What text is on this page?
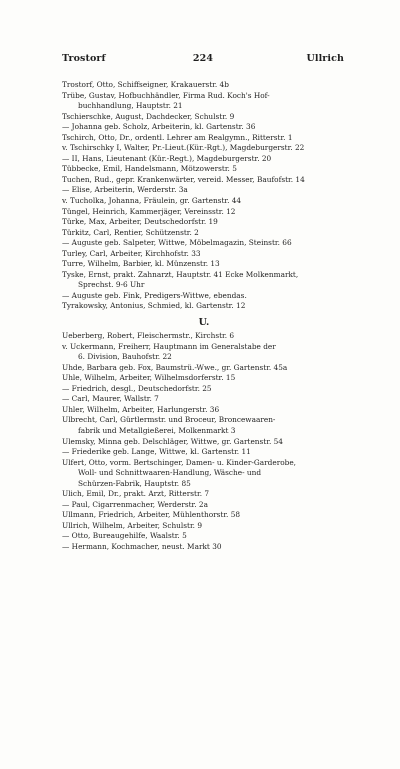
Trostorf	224	Ullrich
Trostorf, Otto, Schiffseigner, Krakauerstr. 4b
Trübe, Gustav, Hofbuchhändler, Firma Rud. Koch's Hof-
buchhandlung, Hauptstr. 21
Tschierschke, August, Dachdecker, Schulstr. 9
— Johanna geb. Scholz, Arbeiterin, kl. Gartenstr. 36
Tschirch, Otto, Dr., ordentl. Lehrer am Realgymn., Ritterstr. 1
v. Tschirschky I, Walter, Pr.-Lieut.(Kür.-Rgt.), Magdeburgerstr. 22
— II, Hans, Lieutenant (Kür.-Regt.), Magdeburgerstr. 20
Tübbecke, Emil, Handelsmann, Mötzowerstr. 5
Tuchen, Rud., gepr. Krankenwärter, vereid. Messer, Baufofstr. 14
— Elise, Arbeiterin, Werderstr. 3a
v. Tucholka, Johanna, Fräulein, gr. Gartenstr. 44
Tüngel, Heinrich, Kammerjäger, Vereinsstr. 12
Türke, Max, Arbeiter, Deutschedorfstr. 19
Türkitz, Carl, Rentier, Schützenstr. 2
— Auguste geb. Salpeter, Wittwe, Möbelmagazin, Steinstr. 66
Turley, Carl, Arbeiter, Kirchhofstr. 33
Turre, Wilhelm, Barbier, kl. Münzenstr. 13
Tyske, Ernst, prakt. Zahnarzt, Hauptstr. 41 Ecke Molkenmarkt,
Sprechst. 9-6 Uhr
— Auguste geb. Fink, Predigers-Wittwe, ebendas.
Tyrakowsky, Antonius, Schmied, kl. Gartenstr. 12
U.
Ueberberg, Robert, Fleischermstr., Kirchstr. 6
v. Uckermann, Freiherr, Hauptmann im Generalstabe der
6. Division, Bauhofstr. 22
Uhde, Barbara geb. Fox, Baumstrü.-Wwe., gr. Gartenstr. 45a
Uhle, Wilhelm, Arbeiter, Wilhelmsdorferstr. 15
— Friedrich, desgl., Deutschedorfstr. 25
— Carl, Maurer, Wallstr. 7
Uhler, Wilhelm, Arbeiter, Harlungerstr. 36
Ulbrecht, Carl, Gürtlermstr. und Broceur, Broncewaaren-
fabrik und Metallgießerei, Molkenmarkt 3
Ulemsky, Minna geb. Delschläger, Wittwe, gr. Gartenstr. 54
— Friederike geb. Lange, Wittwe, kl. Gartenstr. 11
Ulfert, Otto, vorm. Bertschinger, Damen- u. Kinder-Garderobe,
Woll- und Schnittwaaren-Handlung, Wäsche- und
Schürzen-Fabrik, Hauptstr. 85
Ulich, Emil, Dr., prakt. Arzt, Ritterstr. 7
— Paul, Cigarrenmacher, Werderstr. 2a
Ullmann, Friedrich, Arbeiter, Mühlenthorstr. 58
Ullrich, Wilhelm, Arbeiter, Schulstr. 9
— Otto, Bureaugehilfe, Waalstr. 5
— Hermann, Kochmacher, neust. Markt 30
